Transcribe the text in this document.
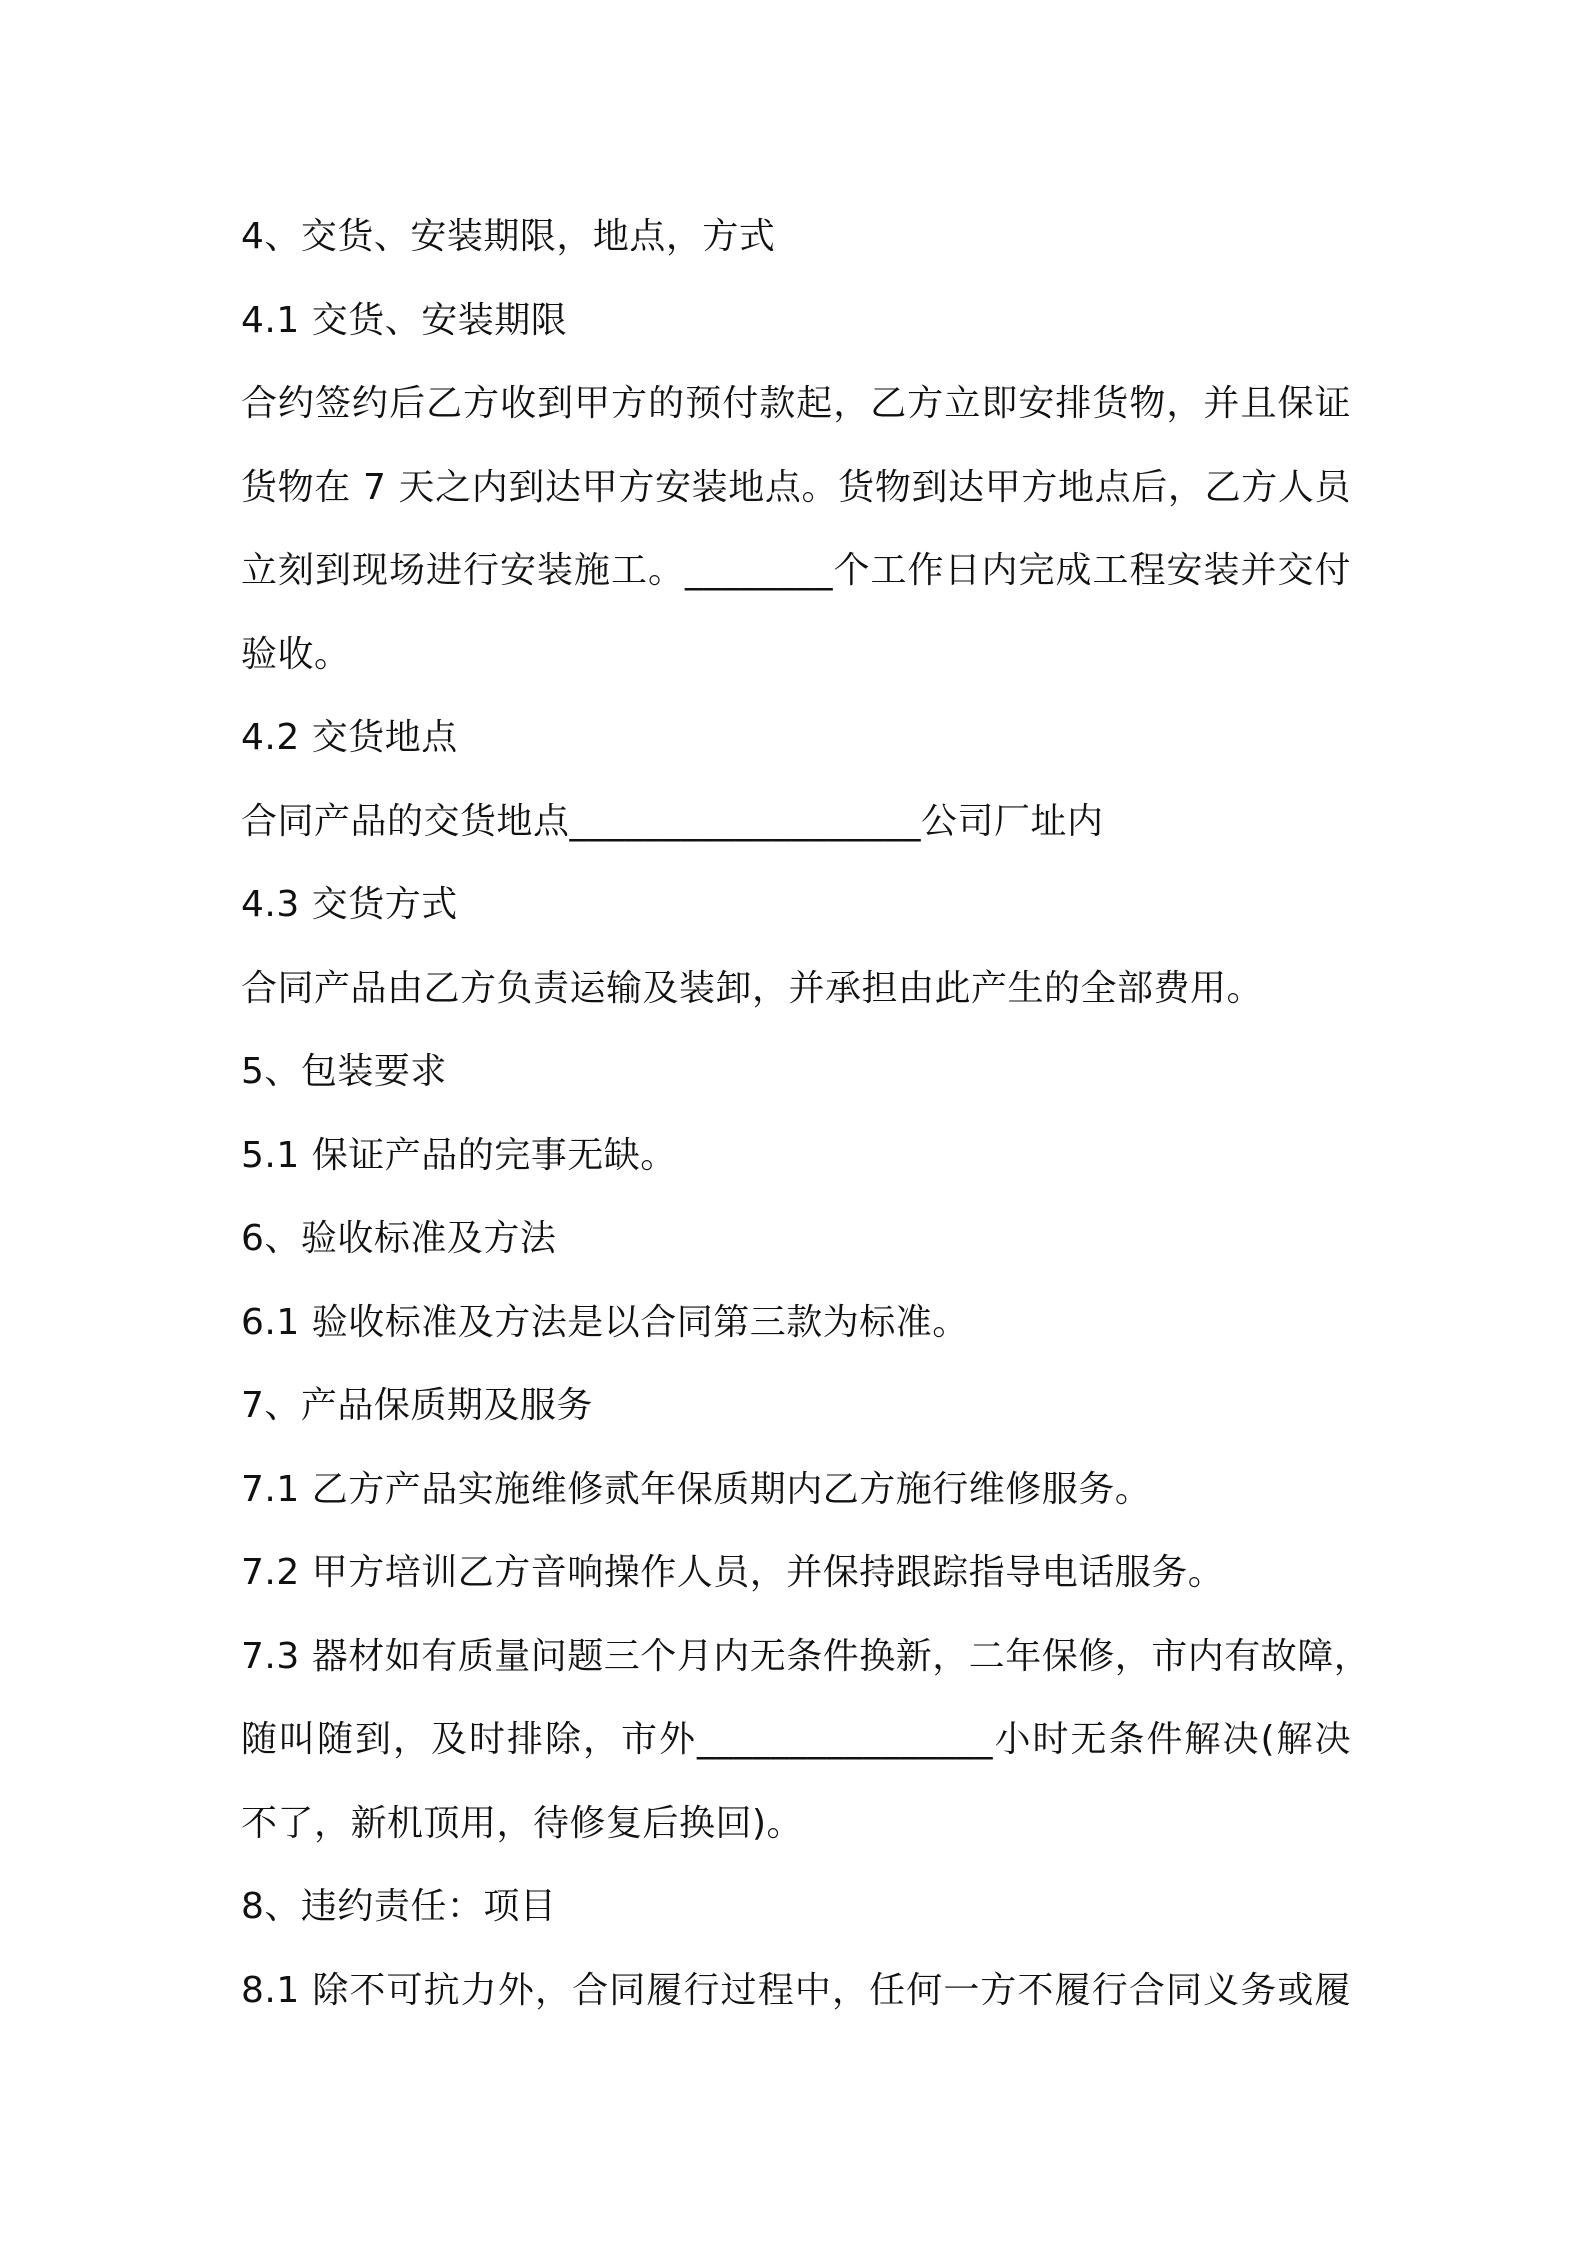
4、交货、安装期限，地点，方式
4.1 交货、安装期限
合约签约后乙方收到甲方的预付款起，乙方立即安排货物，并且保证
货物在 7 天之内到达甲方安装地点。货物到达甲方地点后，乙方人员
立刻到现场进行安装施工。________个工作日内完成工程安装并交付
验收。
4.2 交货地点
合同产品的交货地点___________________公司厂址内
4.3 交货方式
合同产品由乙方负责运输及装卸，并承担由此产生的全部费用。
5、包装要求
5.1 保证产品的完事无缺。
6、验收标准及方法
6.1 验收标准及方法是以合同第三款为标准。
7、产品保质期及服务
7.1 乙方产品实施维修贰年保质期内乙方施行维修服务。
7.2 甲方培训乙方音响操作人员，并保持跟踪指导电话服务。
7.3 器材如有质量问题三个月内无条件换新，二年保修，市内有故障，
随叫随到，及时排除，市外________________小时无条件解决(解决
不了，新机顶用，待修复后换回)。
8、违约责任：项目
8.1 除不可抗力外，合同履行过程中，任何一方不履行合同义务或履
